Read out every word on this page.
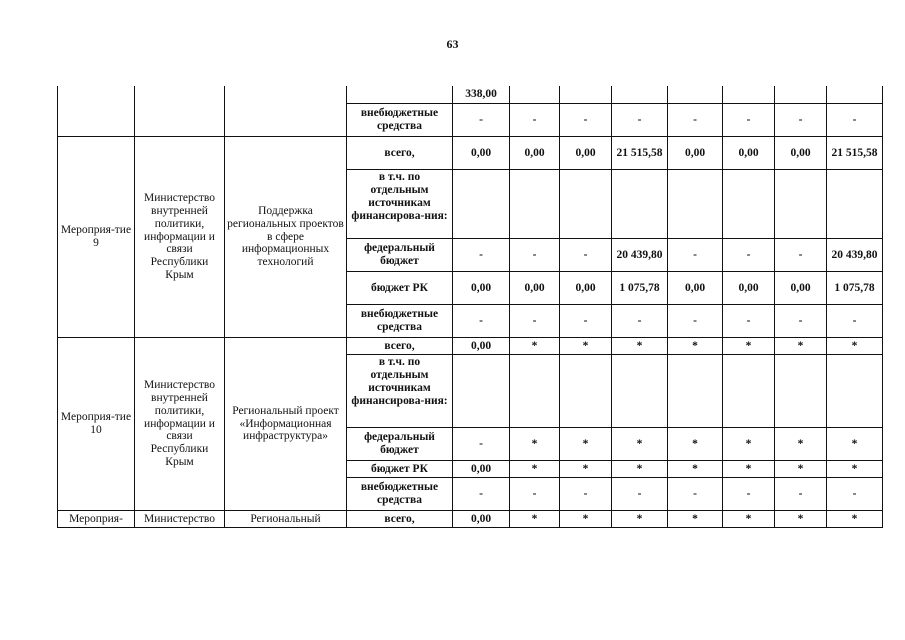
63
				338,00							
			внебюджетные средства	-	-	-	-	-	-	-	-
Мероприя-тие 9	Министерство внутренней политики, информации и связи Республики Крым	Поддержка региональных проектов в сфере информационных технологий	всего,	0,00	0,00	0,00	21 515,58	0,00	0,00	0,00	21 515,58
			в т.ч. по отдельным источникам финансирова-ния:								
			федеральный бюджет	-	-	-	20 439,80	-	-	-	20 439,80
			бюджет РК	0,00	0,00	0,00	1 075,78	0,00	0,00	0,00	1 075,78
			внебюджетные средства	-	-	-	-	-	-	-	-
Мероприя-тие 10	Министерство внутренней политики, информации и связи Республики Крым	Региональный проект «Информационная инфраструктура»	всего,	0,00	*	*	*	*	*	*	*
			в т.ч. по отдельным источникам финансирова-ния:								
			федеральный бюджет	-	*	*	*	*	*	*	*
			бюджет РК	0,00	*	*	*	*	*	*	*
			внебюджетные средства	-	-	-	-	-	-	-	-
Мероприя-	Министерство	Региональный	всего,	0,00	*	*	*	*	*	*	*
